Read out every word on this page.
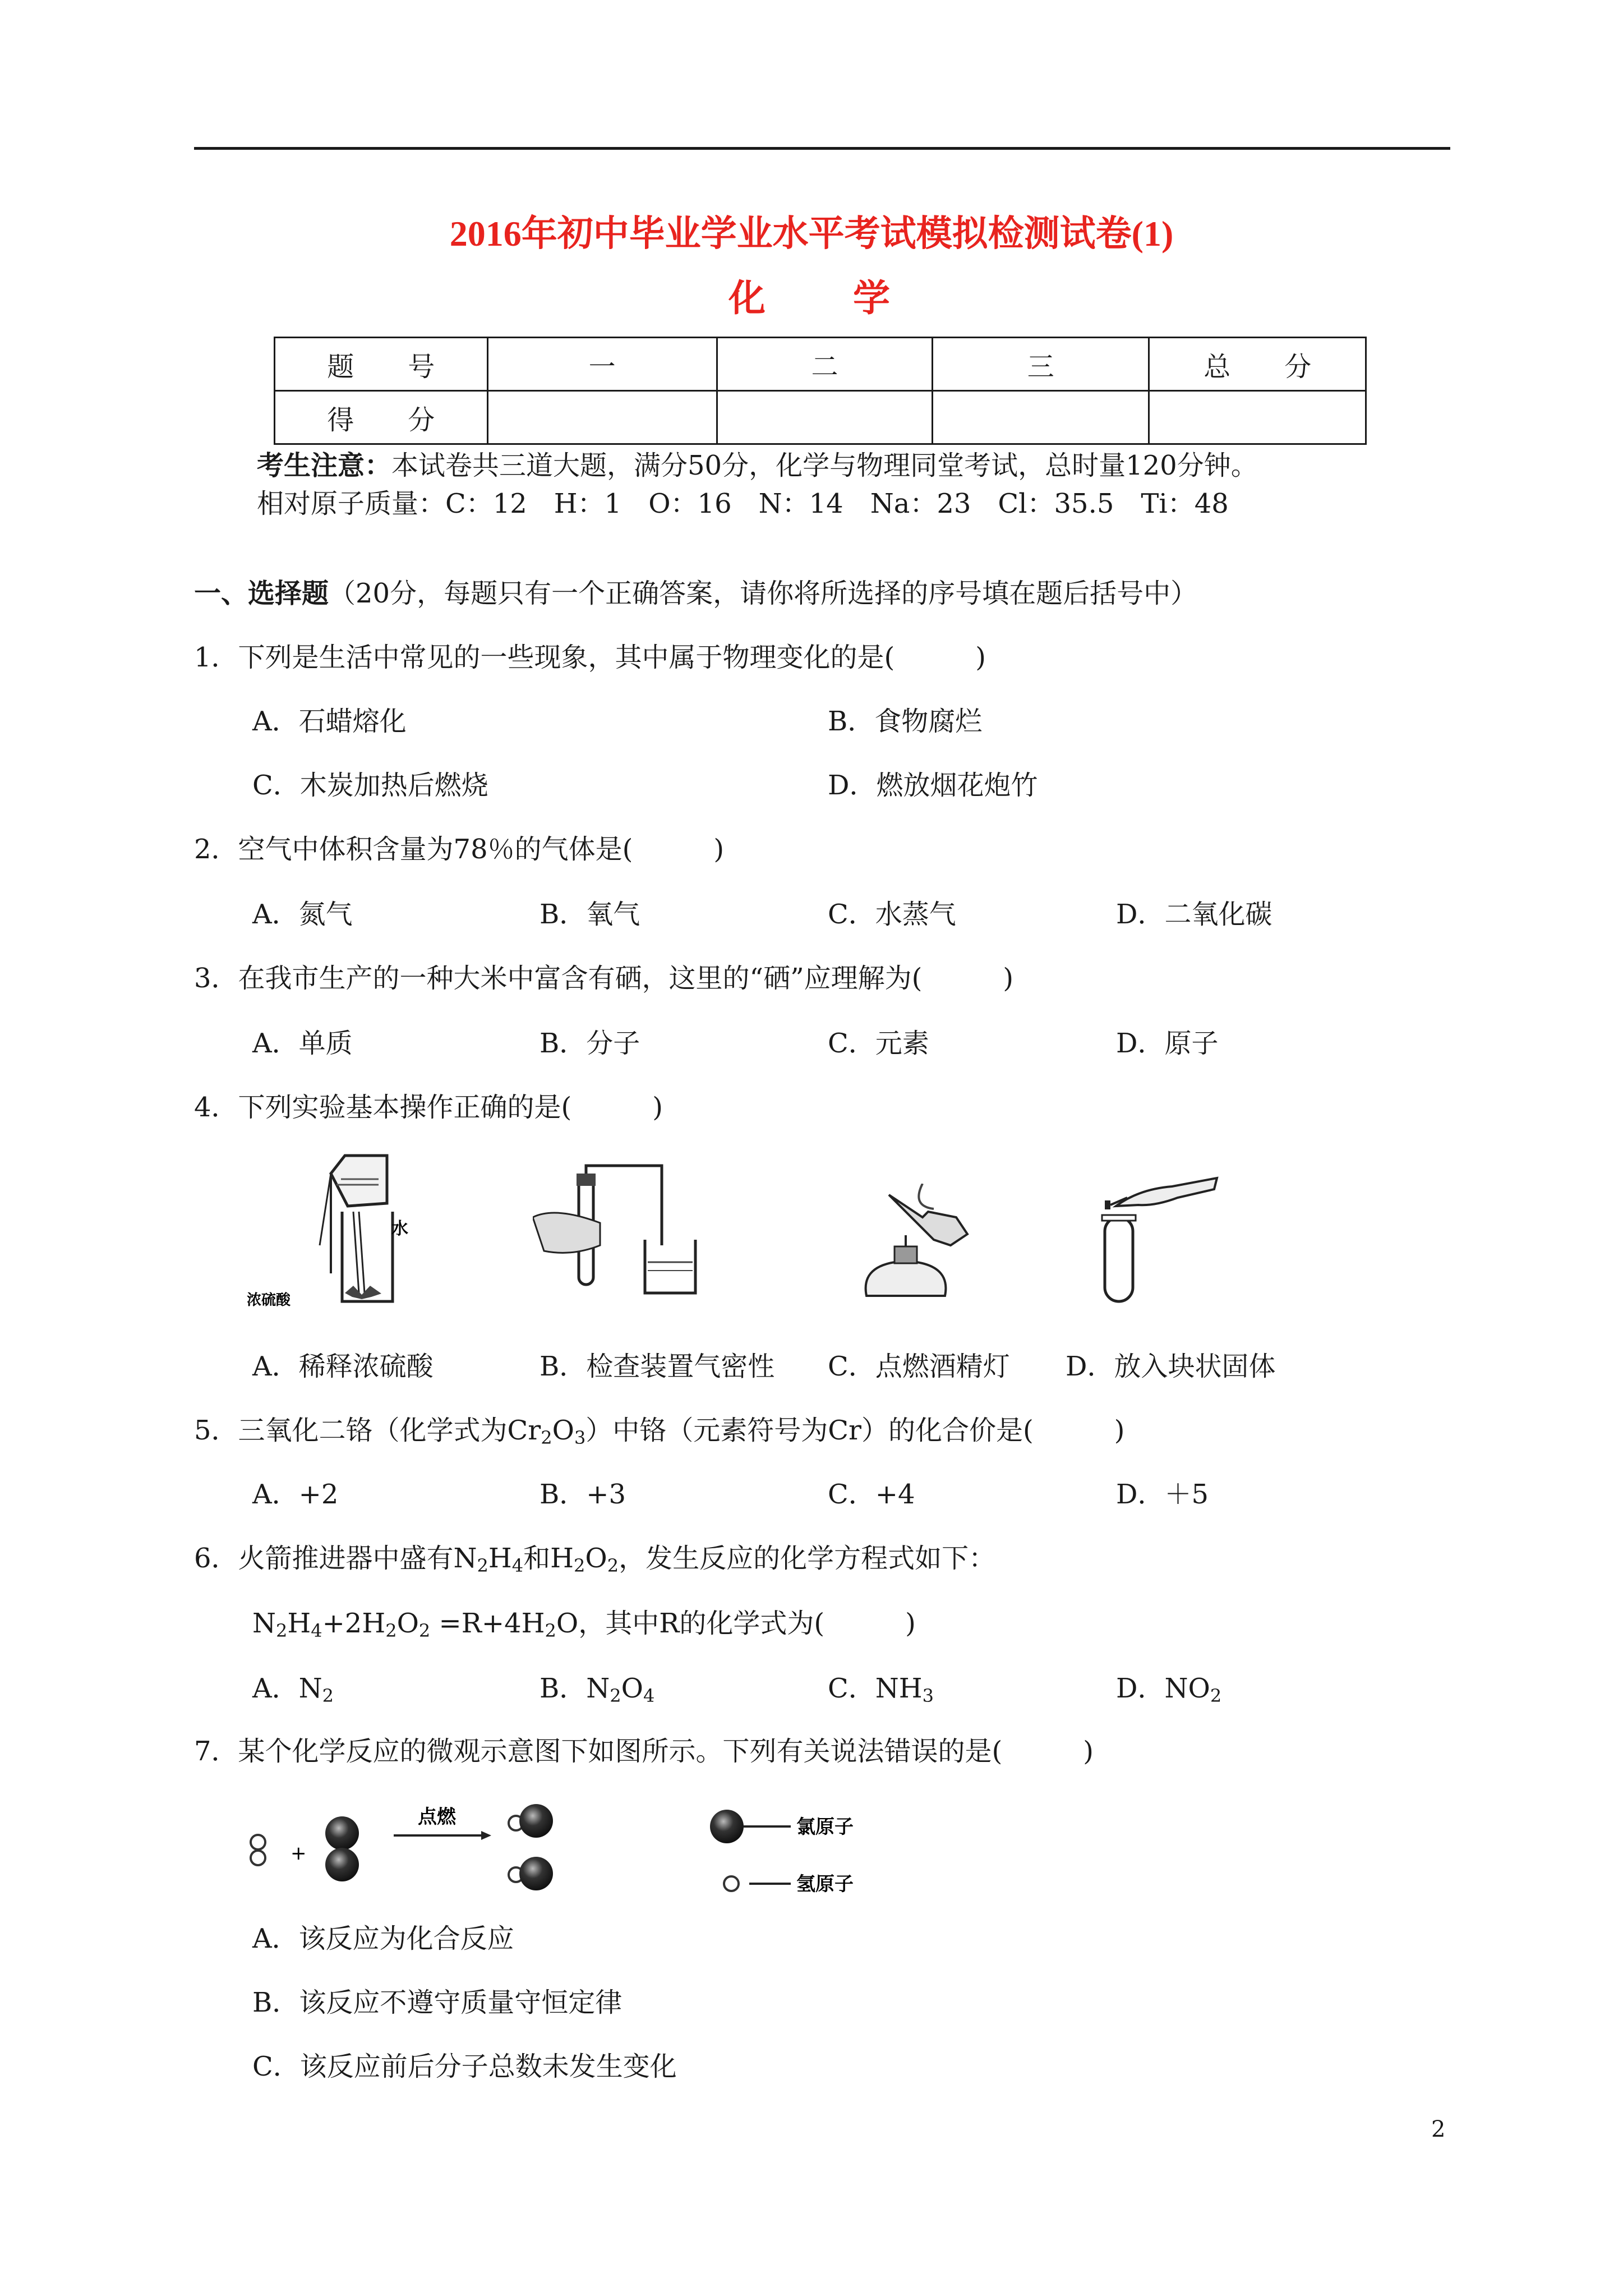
2016年初中毕业学业水平考试模拟检测试卷(1)
化　　学
题　　号	一	二	三	总　　分
得　　分				
考生注意：本试卷共三道大题，满分50分，化学与物理同堂考试，总时量120分钟。
相对原子质量：C：12　H：1　O：16　N：14　Na：23　Cl：35.5　Ti：48
一、选择题（20分，每题只有一个正确答案，请你将所选择的序号填在题后括号中）
1．下列是生活中常见的一些现象，其中属于物理变化的是(　　　)
A．石蜡熔化	B．食物腐烂
C．木炭加热后燃烧	D．燃放烟花炮竹
2．空气中体积含量为78％的气体是(　　　)
A．氮气	B．氧气	C．水蒸气	D．二氧化碳
3．在我市生产的一种大米中富含有硒，这里的“硒”应理解为(　　　)
A．单质	B．分子	C．元素	D．原子
4．下列实验基本操作正确的是(　　　)
水
浓硫酸
A．稀释浓硫酸	B．检查装置气密性 C．点燃酒精灯 D．放入块状固体
5．三氧化二铬（化学式为$Cr_2O_3$）中铬（元素符号为Cr）的化合价是(　　　)
A．+2	B．+3	C．+4	D．＋5
6．火箭推进器中盛有$N_2H_4$和$H_2O_2$，发生反应的化学方程式如下：
$N_2H_4+2H_2O_2 =R+4H_2O$，其中R的化学式为(　　　)
A．$N_2$	B．$N_2O_4$	C．$NH_3$	D．$NO_2$
7．某个化学反应的微观示意图下如图所示。下列有关说法错误的是(　　　)
+
点燃	氯原子
氢原子
A．该反应为化合反应
B．该反应不遵守质量守恒定律
C．该反应前后分子总数未发生变化
2
